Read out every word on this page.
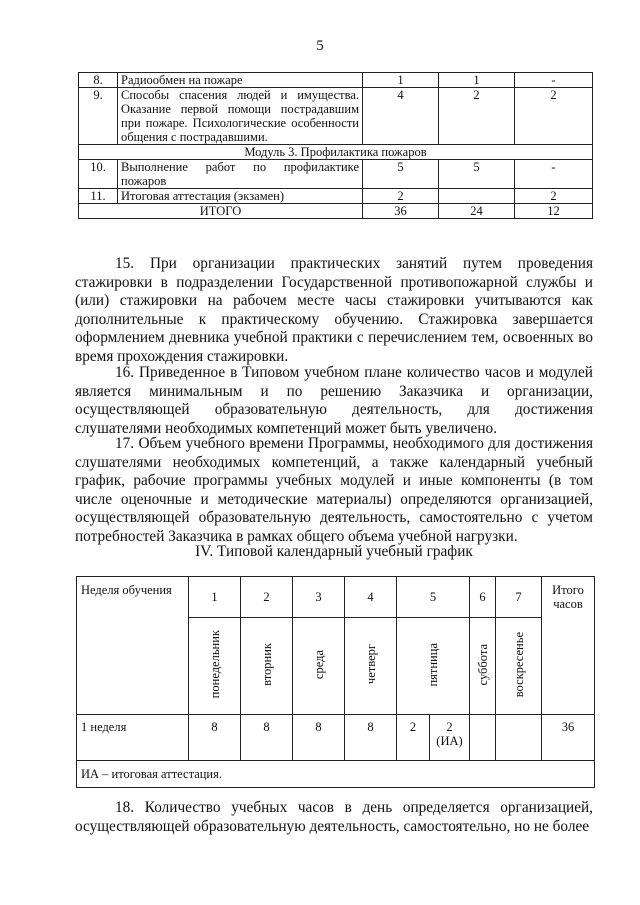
5
8.	Радиообмен на пожаре	1	1	-
9.	Способы спасения людей и имущества. Оказание первой помощи пострадавшим при пожаре. Психологические особенности общения с пострадавшими.	4	2	2
Модуль 3. Профилактика пожаров				
10.	Выполнение работ по профилактике пожаров	5	5	-
11.	Итоговая аттестация (экзамен)	2		2
ИТОГО		36	24	12

15. При организации практических занятий путем проведения стажировки в подразделении Государственной противопожарной службы и (или) стажировки на рабочем месте часы стажировки учитываются как дополнительные к практическому обучению. Стажировка завершается оформлением дневника учебной практики с перечислением тем, освоенных во время прохождения стажировки.

16. Приведенное в Типовом учебном плане количество часов и модулей является минимальным и по решению Заказчика и организации, осуществляющей образовательную деятельность, для достижения слушателями необходимых компетенций может быть увеличено.

17. Объем учебного времени Программы, необходимого для достижения слушателями необходимых компетенций, а также календарный учебный график, рабочие программы учебных модулей и иные компоненты (в том числе оценочные и методические материалы) определяются организацией, осуществляющей образовательную деятельность, самостоятельно с учетом потребностей Заказчика в рамках общего объема учебной нагрузки.

IV. Типовой календарный учебный график
Неделя обучения	1	2	3	4	5		6	7	Итого часов
	понедельник	вторник	среда	четверг	пятница		суббота	воскресенье	
1 неделя	8	8	8	8	2	2 (ИА)			36
ИА – итоговая аттестация.									

18. Количество учебных часов в день определяется организацией, осуществляющей образовательную деятельность, самостоятельно, но не более
